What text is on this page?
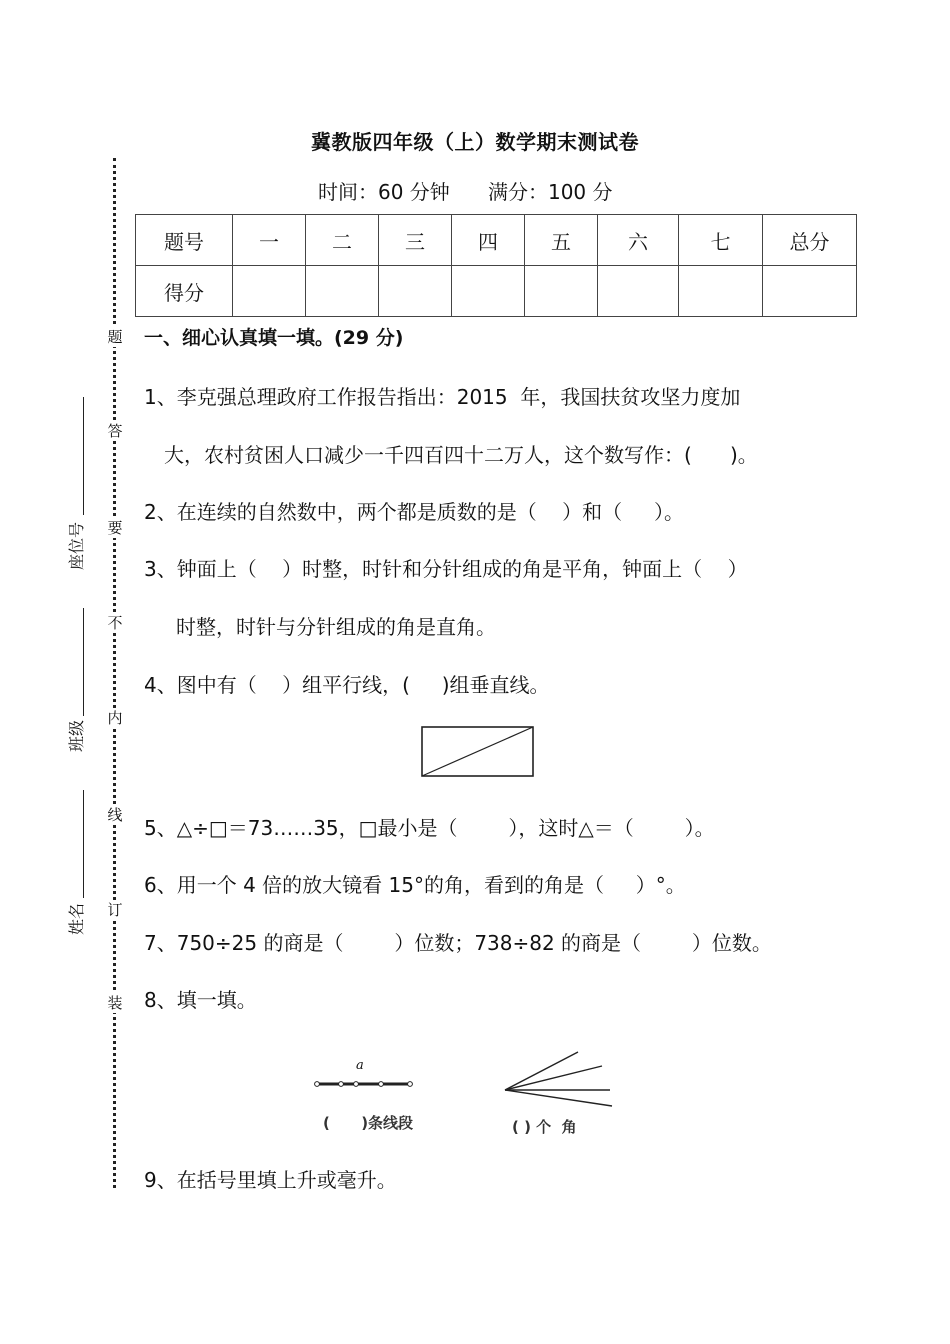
题
答
要
不
内
线
订
装
座位号
班级
姓名
冀教版四年级（上）数学期末测试卷
时间：60 分钟 满分：100 分
题号	一	二	三	四	五	六	七	总分
得分								
一、细心认真填一填。(29 分)
1、李克强总理政府工作报告指出：2015  年，我国扶贫攻坚力度加
大，农村贫困人口减少一千四百四十二万人，这个数写作：(      )。
2、在连续的自然数中，两个都是质数的是（    ）和（     ）。
3、钟面上（    ）时整，时针和分针组成的角是平角，钟面上（    ）
时整，时针与分针组成的角是直角。
4、图中有（    ）组平行线，(     )组垂直线。
5、△÷□＝73……35，□最小是（        ），这时△＝（        ）。
6、用一个 4 倍的放大镜看 15°的角，看到的角是（     ）°。
7、750÷25 的商是（        ）位数；738÷82 的商是（        ）位数。
8、填一填。
a
(      )条线段	( ) 个  角
9、在括号里填上升或毫升。
